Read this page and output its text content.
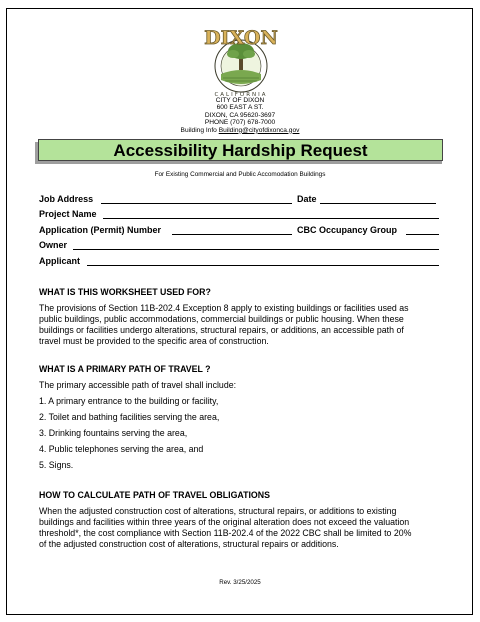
DIXON
CALIFORNIA
CITY OF DIXON
600 EAST A ST.
DIXON, CA 95620-3697
PHONE (707) 678-7000
Building Info Building@cityofdixonca.gov
Accessibility Hardship Request
For Existing Commercial and Public Accomodation Buildings
Job Address	Date
Project Name
Application (Permit) Number	CBC Occupancy Group
Owner
Applicant
WHAT IS THIS WORKSHEET USED FOR?
The provisions of Section 11B-202.4 Exception 8 apply to existing buildings or facilities used as
public buildings, public accommodations, commercial buildings or public housing. When these
buildings or facilities undergo alterations, structural repairs, or additions, an accessible path of
travel must be provided to the specific area of construction.
WHAT IS A PRIMARY PATH OF TRAVEL ?
The primary accessible path of travel shall include:
1. A primary entrance to the building or facility,
2. Toilet and bathing facilities serving the area,
3. Drinking fountains serving the area,
4. Public telephones serving the area, and
5. Signs.
HOW TO CALCULATE PATH OF TRAVEL OBLIGATIONS
When the adjusted construction cost of alterations, structural repairs, or additions to existing
buildings and facilities within three years of the original alteration does not exceed the valuation
threshold*, the cost compliance with Section 11B-202.4 of the 2022 CBC shall be limited to 20%
of the adjusted construction cost of alterations, structural repairs or additions.
Rev. 3/25/2025
